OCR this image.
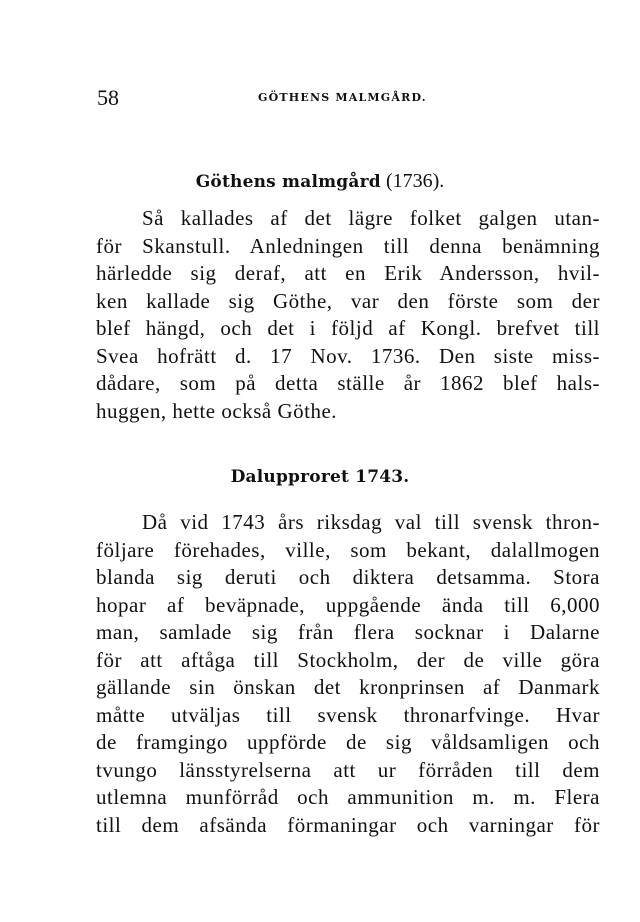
58	GÖTHENS MALMGÅRD.
Göthens malmgård (1736).
Så kallades af det lägre folket galgen utan-
för Skanstull. Anledningen till denna benämning
härledde sig deraf, att en Erik Andersson, hvil-
ken kallade sig Göthe, var den förste som der
blef hängd, och det i följd af Kongl. brefvet till
Svea hofrätt d. 17 Nov. 1736. Den siste miss-
dådare, som på detta ställe år 1862 blef hals-
huggen, hette också Göthe.
Dalupproret 1743.
Då vid 1743 års riksdag val till svensk thron-
följare förehades, ville, som bekant, dalallmogen
blanda sig deruti och diktera detsamma. Stora
hopar af beväpnade, uppgående ända till 6,000
man, samlade sig från flera socknar i Dalarne
för att aftåga till Stockholm, der de ville göra
gällande sin önskan det kronprinsen af Danmark
måtte utväljas till svensk thronarfvinge. Hvar
de framgingo uppförde de sig våldsamligen och
tvungo länsstyrelserna att ur förråden till dem
utlemna munförråd och ammunition m. m. Flera
till dem afsända förmaningar och varningar för
